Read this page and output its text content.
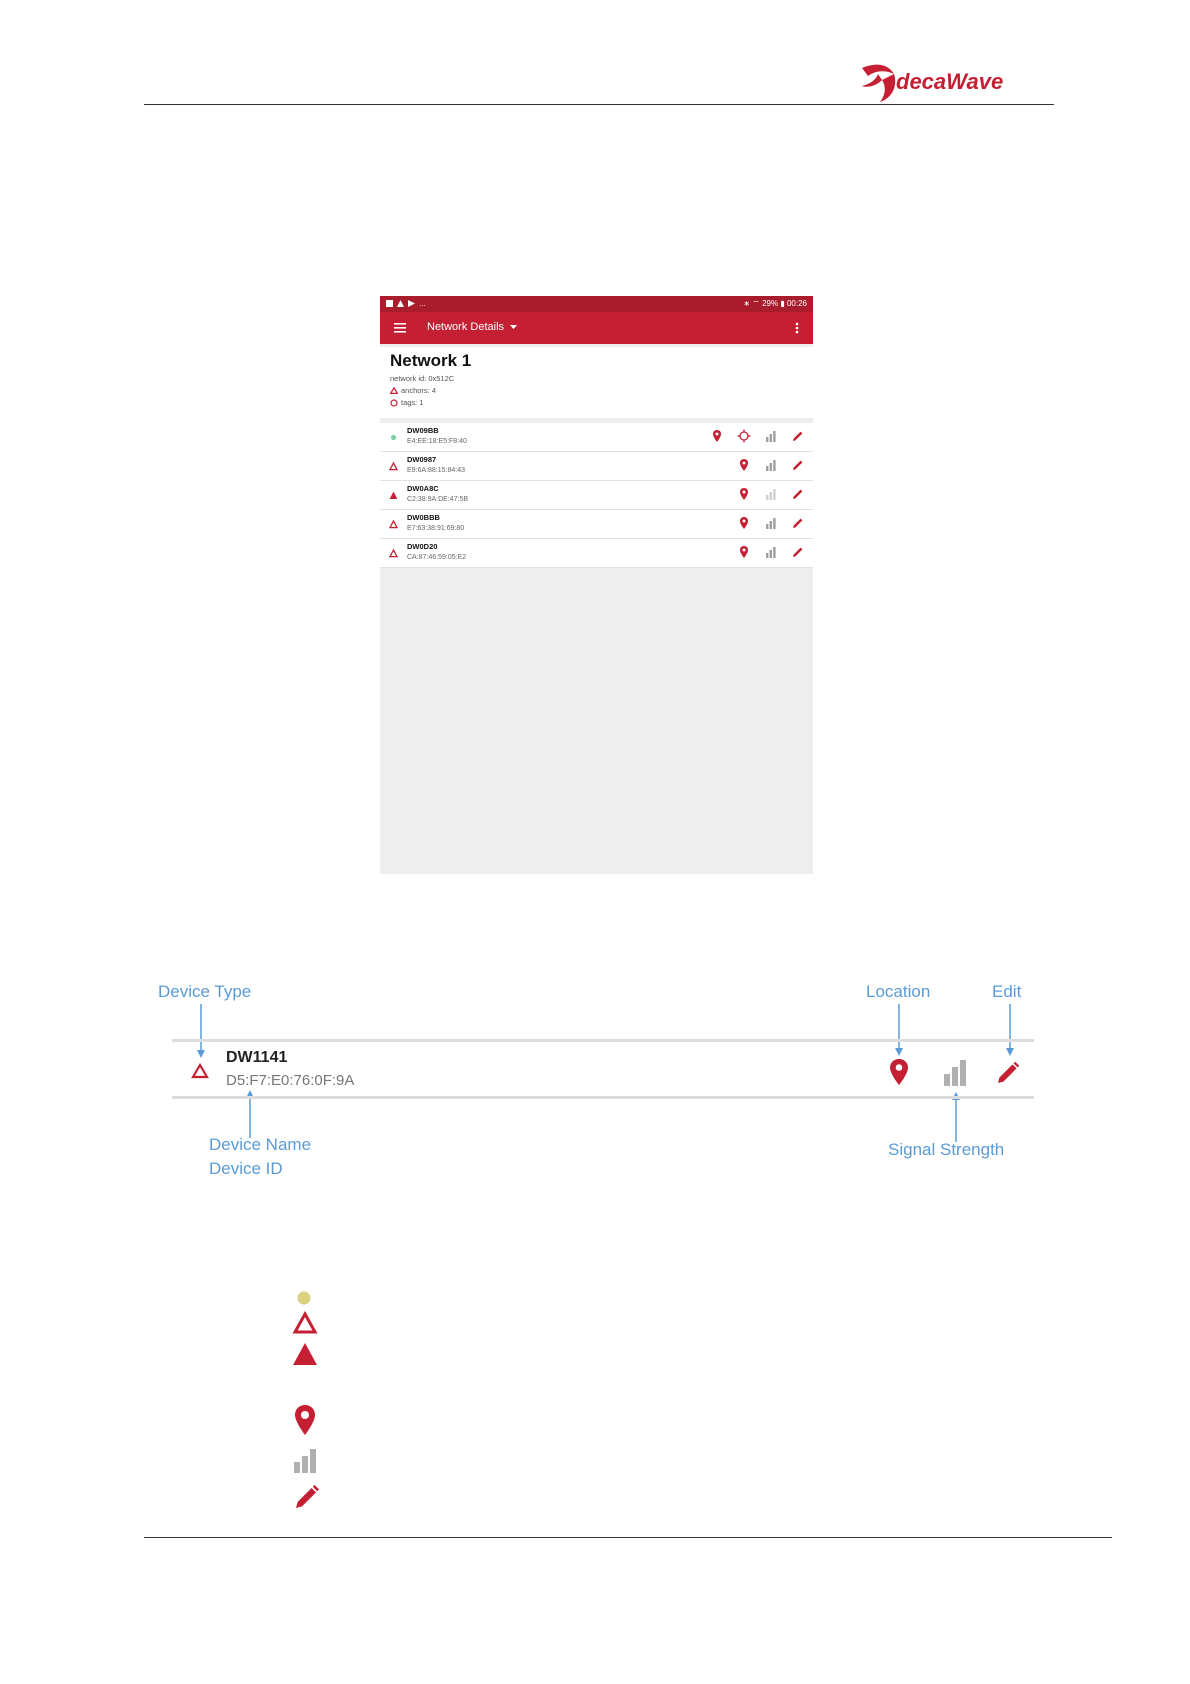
decaWave
...	∗ ⌔ 29% ▮ 00:26
Network Details
Network 1
network id: 0x512C
anchors: 4
tags: 1
DW09BB
E4:EE:18:E5:F8:40
DW0987
E9:6A:88:15:84:43
DW0A8C
C2:38:9A:DE:47:5B
DW0BBB
E7:63:38:91:69:80
DW0D20
CA:87:46:59:05:E2
Device Type	Location	Edit
DW1141
D5:F7:E0:76:0F:9A
Device Name
Device ID
Signal Strength
